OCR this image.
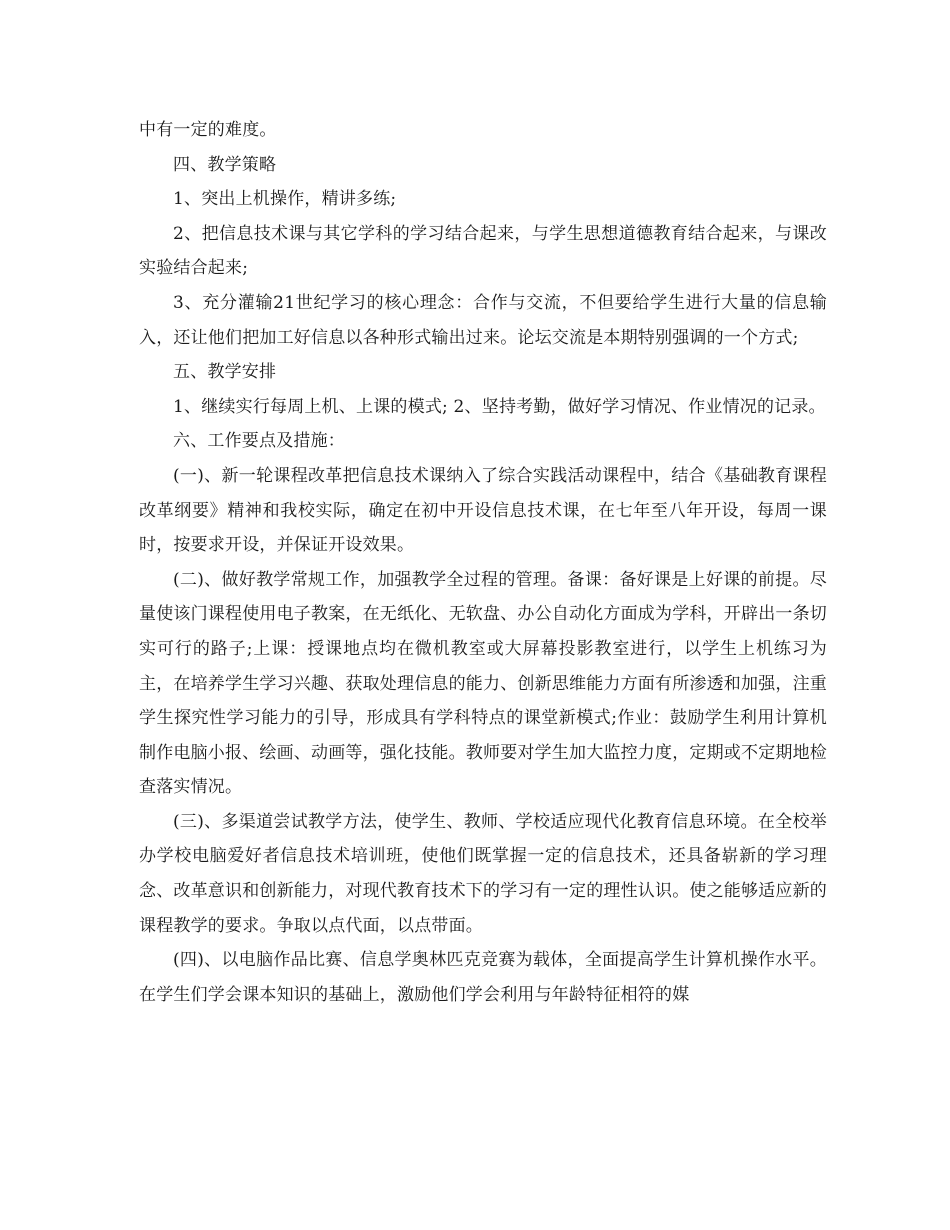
中有一定的难度。

四、教学策略

1、突出上机操作，精讲多练;

2、把信息技术课与其它学科的学习结合起来，与学生思想道德教育结合起来，与课改实验结合起来;

3、充分灌输21世纪学习的核心理念：合作与交流，不但要给学生进行大量的信息输入，还让他们把加工好信息以各种形式输出过来。论坛交流是本期特别强调的一个方式;

五、教学安排

1、继续实行每周上机、上课的模式; 2、坚持考勤，做好学习情况、作业情况的记录。

六、工作要点及措施：

(一)、新一轮课程改革把信息技术课纳入了综合实践活动课程中，结合《基础教育课程改革纲要》精神和我校实际，确定在初中开设信息技术课，在七年至八年开设，每周一课时，按要求开设，并保证开设效果。

(二)、做好教学常规工作，加强教学全过程的管理。备课：备好课是上好课的前提。尽量使该门课程使用电子教案，在无纸化、无软盘、办公自动化方面成为学科，开辟出一条切实可行的路子;上课：授课地点均在微机教室或大屏幕投影教室进行，以学生上机练习为主，在培养学生学习兴趣、获取处理信息的能力、创新思维能力方面有所渗透和加强，注重学生探究性学习能力的引导，形成具有学科特点的课堂新模式;作业：鼓励学生利用计算机制作电脑小报、绘画、动画等，强化技能。教师要对学生加大监控力度，定期或不定期地检查落实情况。

(三)、多渠道尝试教学方法，使学生、教师、学校适应现代化教育信息环境。在全校举办学校电脑爱好者信息技术培训班，使他们既掌握一定的信息技术，还具备崭新的学习理念、改革意识和创新能力，对现代教育技术下的学习有一定的理性认识。使之能够适应新的课程教学的要求。争取以点代面，以点带面。

(四)、以电脑作品比赛、信息学奥林匹克竞赛为载体，全面提高学生计算机操作水平。在学生们学会课本知识的基础上，激励他们学会利用与年龄特征相符的媒
